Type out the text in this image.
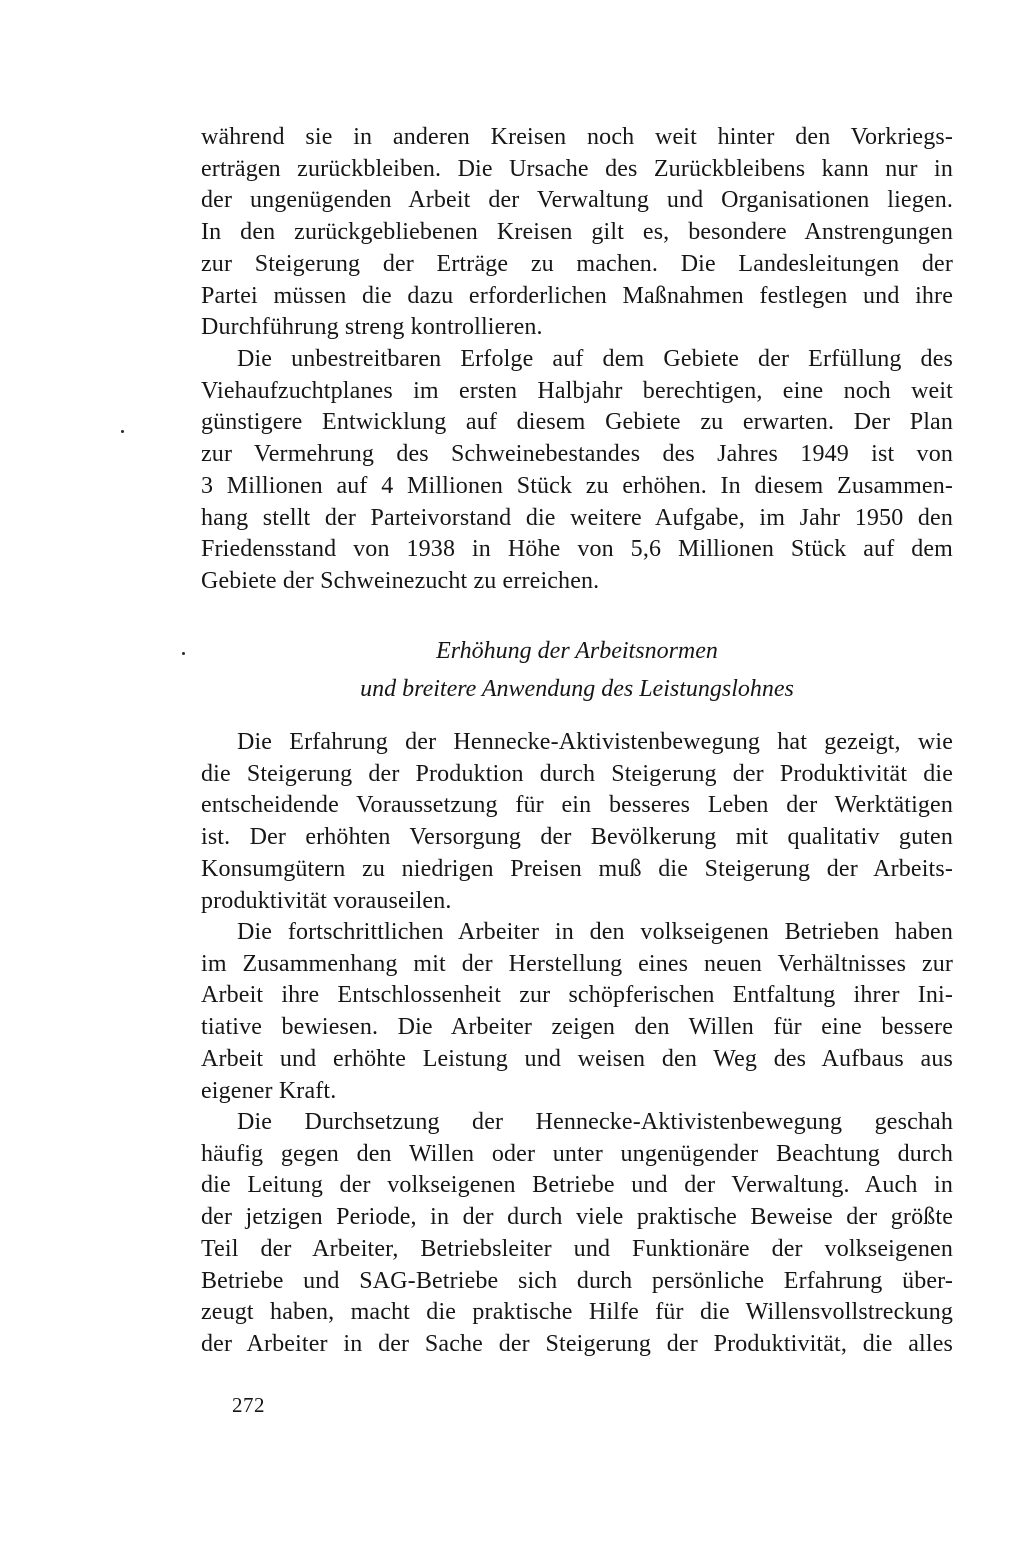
während sie in anderen Kreisen noch weit hinter den Vorkriegs-
erträgen zurückbleiben. Die Ursache des Zurückbleibens kann nur in
der ungenügenden Arbeit der Verwaltung und Organisationen liegen.
In den zurückgebliebenen Kreisen gilt es, besondere Anstrengungen
zur Steigerung der Erträge zu machen. Die Landesleitungen der
Partei müssen die dazu erforderlichen Maßnahmen festlegen und ihre
Durchführung streng kontrollieren.
Die unbestreitbaren Erfolge auf dem Gebiete der Erfüllung des
Viehaufzuchtplanes im ersten Halbjahr berechtigen, eine noch weit
günstigere Entwicklung auf diesem Gebiete zu erwarten. Der Plan
zur Vermehrung des Schweinebestandes des Jahres 1949 ist von
3 Millionen auf 4 Millionen Stück zu erhöhen. In diesem Zusammen-
hang stellt der Parteivorstand die weitere Aufgabe, im Jahr 1950 den
Friedensstand von 1938 in Höhe von 5,6 Millionen Stück auf dem
Gebiete der Schweinezucht zu erreichen.
Erhöhung der Arbeitsnormen
und breitere Anwendung des Leistungslohnes
Die Erfahrung der Hennecke-Aktivistenbewegung hat gezeigt, wie
die Steigerung der Produktion durch Steigerung der Produktivität die
entscheidende Voraussetzung für ein besseres Leben der Werktätigen
ist. Der erhöhten Versorgung der Bevölkerung mit qualitativ guten
Konsumgütern zu niedrigen Preisen muß die Steigerung der Arbeits-
produktivität vorauseilen.
Die fortschrittlichen Arbeiter in den volkseigenen Betrieben haben
im Zusammenhang mit der Herstellung eines neuen Verhältnisses zur
Arbeit ihre Entschlossenheit zur schöpferischen Entfaltung ihrer Ini-
tiative bewiesen. Die Arbeiter zeigen den Willen für eine bessere
Arbeit und erhöhte Leistung und weisen den Weg des Aufbaus aus
eigener Kraft.
Die Durchsetzung der Hennecke-Aktivistenbewegung geschah
häufig gegen den Willen oder unter ungenügender Beachtung durch
die Leitung der volkseigenen Betriebe und der Verwaltung. Auch in
der jetzigen Periode, in der durch viele praktische Beweise der größte
Teil der Arbeiter, Betriebsleiter und Funktionäre der volkseigenen
Betriebe und SAG-Betriebe sich durch persönliche Erfahrung über-
zeugt haben, macht die praktische Hilfe für die Willensvollstreckung
der Arbeiter in der Sache der Steigerung der Produktivität, die alles
272
